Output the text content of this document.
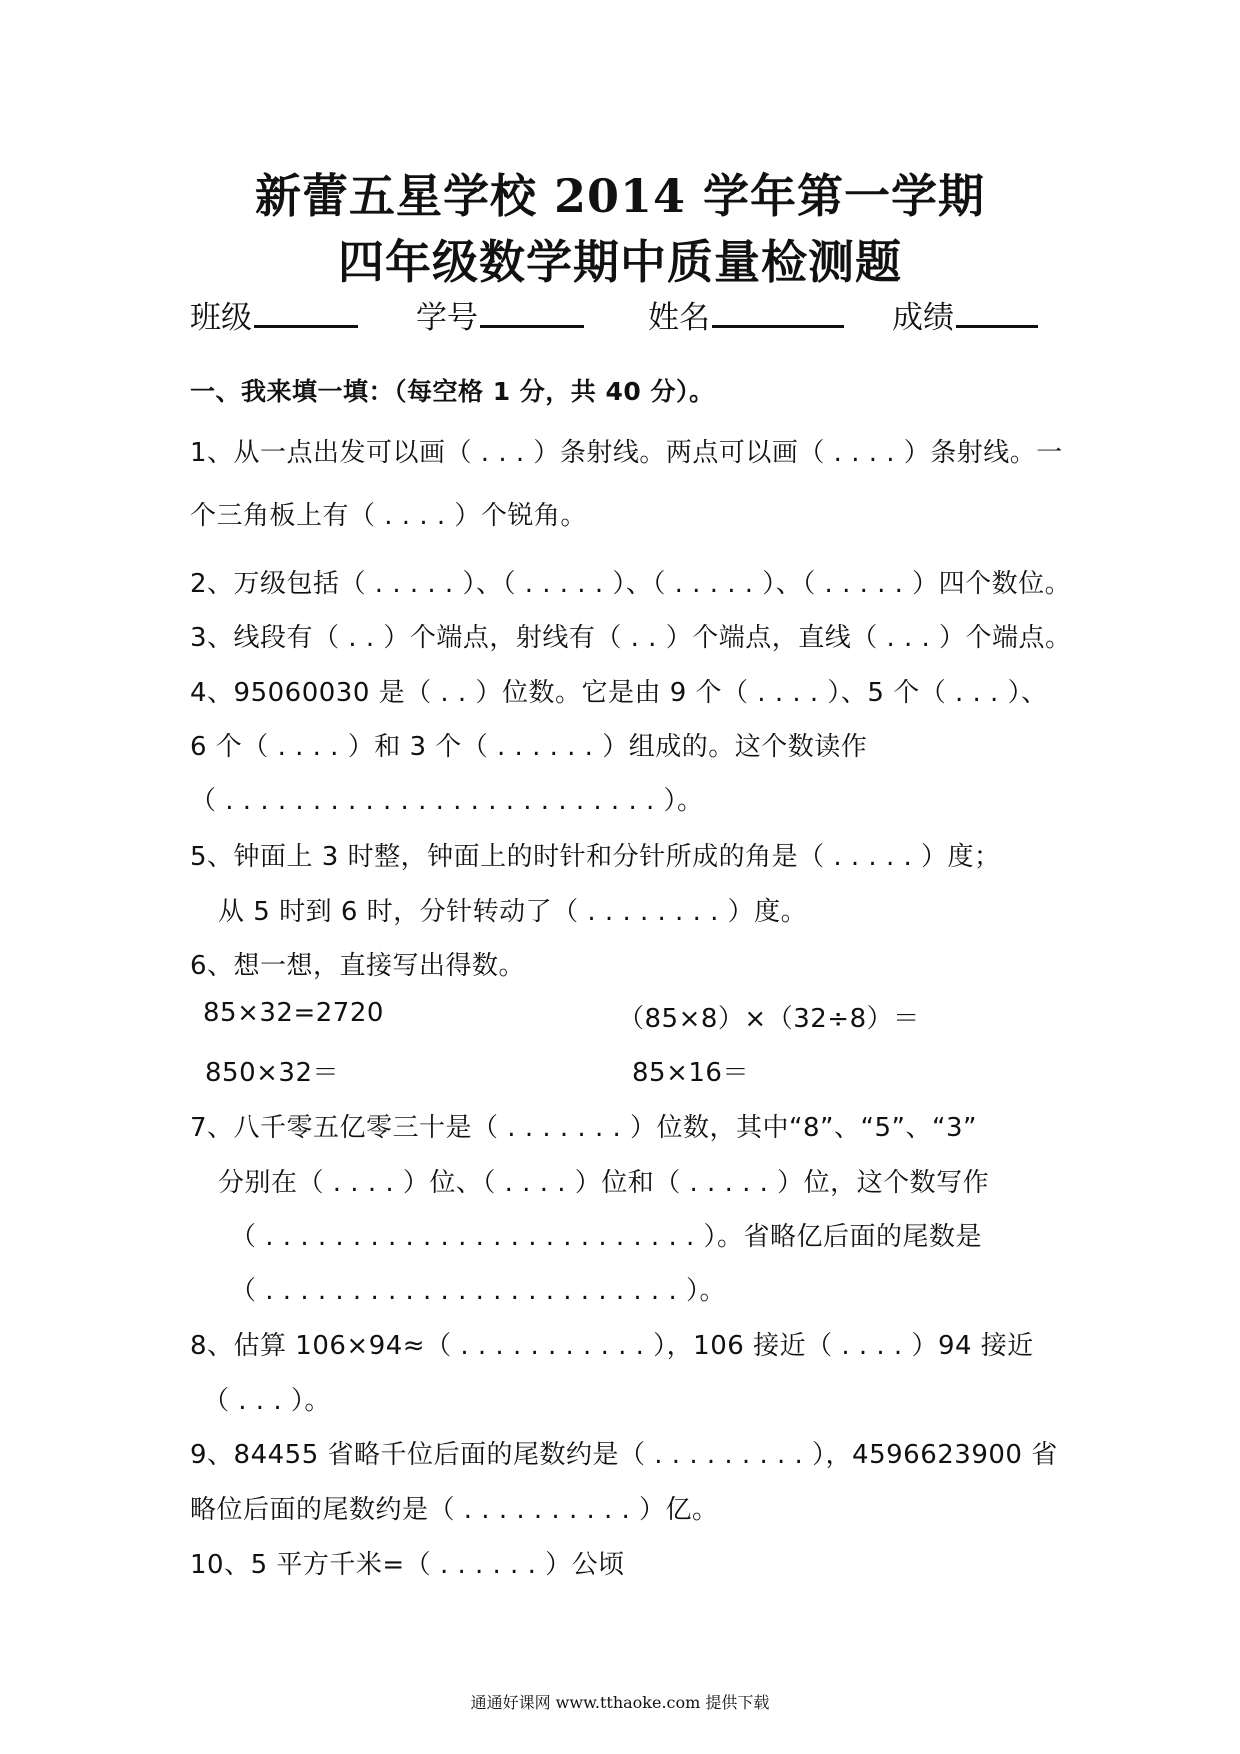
新蕾五星学校 2014 学年第一学期
四年级数学期中质量检测题
班级	学号	姓名	成绩
一、我来填一填：（每空格 1 分，共 40 分）。
1、从一点出发可以画（ . . . ）条射线。两点可以画（ . . . . ）条射线。一
个三角板上有（ . . . . ）个锐角。
2、万级包括（ . . . . . ）、（ . . . . . ）、（ . . . . . ）、（ . . . . . ）四个数位。
3、线段有（ . . ）个端点，射线有（ . . ）个端点，直线（ . . . ）个端点。
4、95060030 是（ . . ）位数。它是由 9 个（ . . . . ）、5 个（ . . . ）、
6 个（ . . . . ）和 3 个（ . . . . . . ）组成的。这个数读作
（ . . . . . . . . . . . . . . . . . . . . . . . . . ）。
5、钟面上 3 时整，钟面上的时针和分针所成的角是（ . . . . . ）度；
从 5 时到 6 时，分针转动了（ . . . . . . . . ）度。
6、想一想，直接写出得数。
85×32=2720	（85×8）×（32÷8）＝
850×32＝	85×16＝
7、八千零五亿零三十是（ . . . . . . . ）位数，其中“8”、“5”、“3”
分别在（ . . . . ）位、（ . . . . ）位和（ . . . . . ）位，这个数写作
（ . . . . . . . . . . . . . . . . . . . . . . . . . ）。省略亿后面的尾数是
（ . . . . . . . . . . . . . . . . . . . . . . . . ）。
8、估算 106×94≈（ . . . . . . . . . . . ），106 接近（ . . . . ）94 接近
（ . . . ）。
9、84455 省略千位后面的尾数约是（ . . . . . . . . . ），4596623900 省
略位后面的尾数约是（ . . . . . . . . . . ）亿。
10、5 平方千米=（ . . . . . . ）公顷
通通好课网 www.tthaoke.com 提供下载
